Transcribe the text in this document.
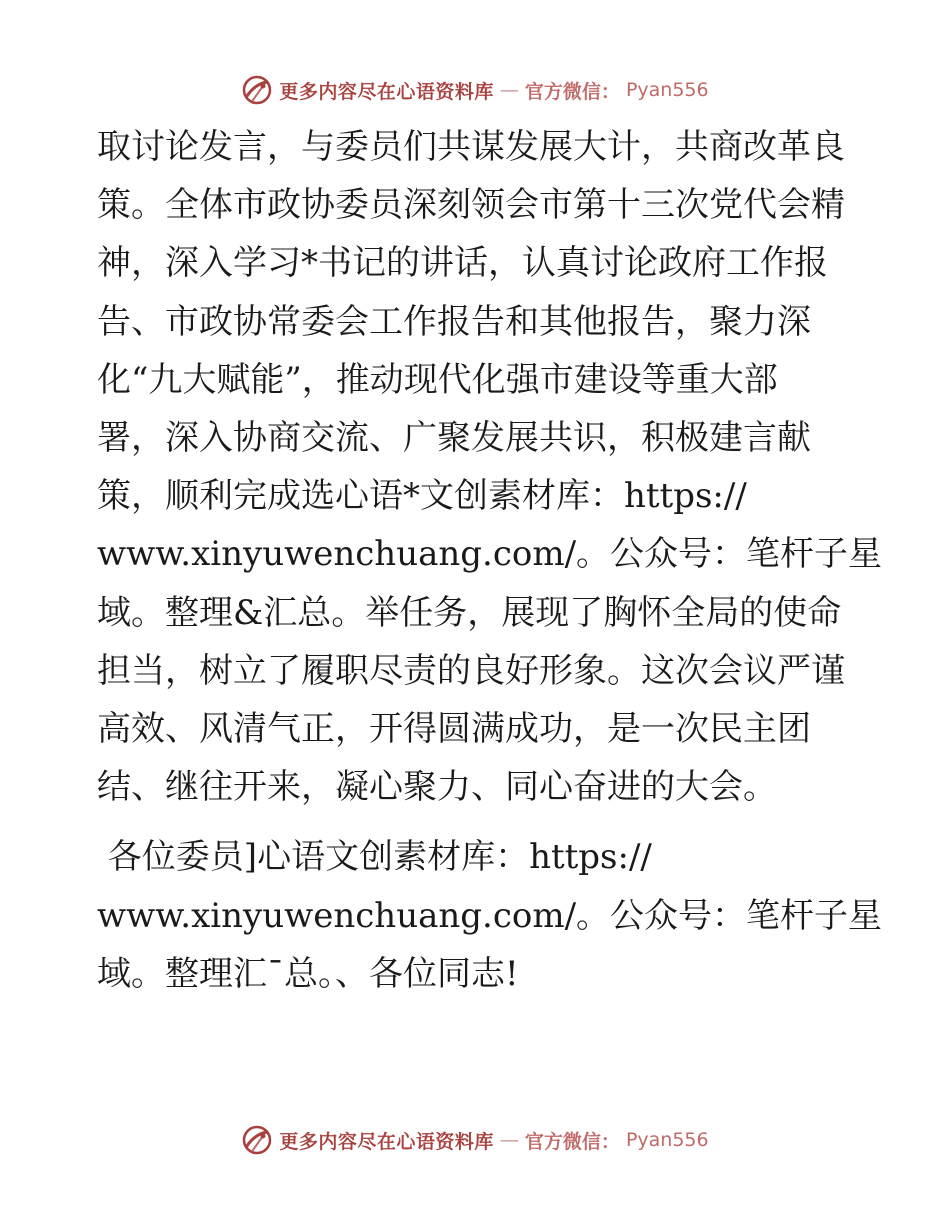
更多内容尽在心语资料库 — 官方微信： Pyan556

取讨论发言，与委员们共谋发展大计，共商改革良

策。全体市政协委员深刻领会市第十三次党代会精

神，深入学习*书记的讲话，认真讨论政府工作报

告、市政协常委会工作报告和其他报告，聚力深

化“九大赋能”，推动现代化强市建设等重大部

署，深入协商交流、广聚发展共识，积极建言献

策，顺利完成选心语*文创素材库：https://

www.xinyuwenchuang.com/。公众号：笔杆子星

域。整理&汇总。举任务，展现了胸怀全局的使命

担当，树立了履职尽责的良好形象。这次会议严谨

高效、风清气正，开得圆满成功，是一次民主团

结、继往开来，凝心聚力、同心奋进的大会。

各位委员]心语文创素材库：https://

www.xinyuwenchuang.com/。公众号：笔杆子星

域。整理汇¯总。、各位同志!

更多内容尽在心语资料库 — 官方微信： Pyan556
